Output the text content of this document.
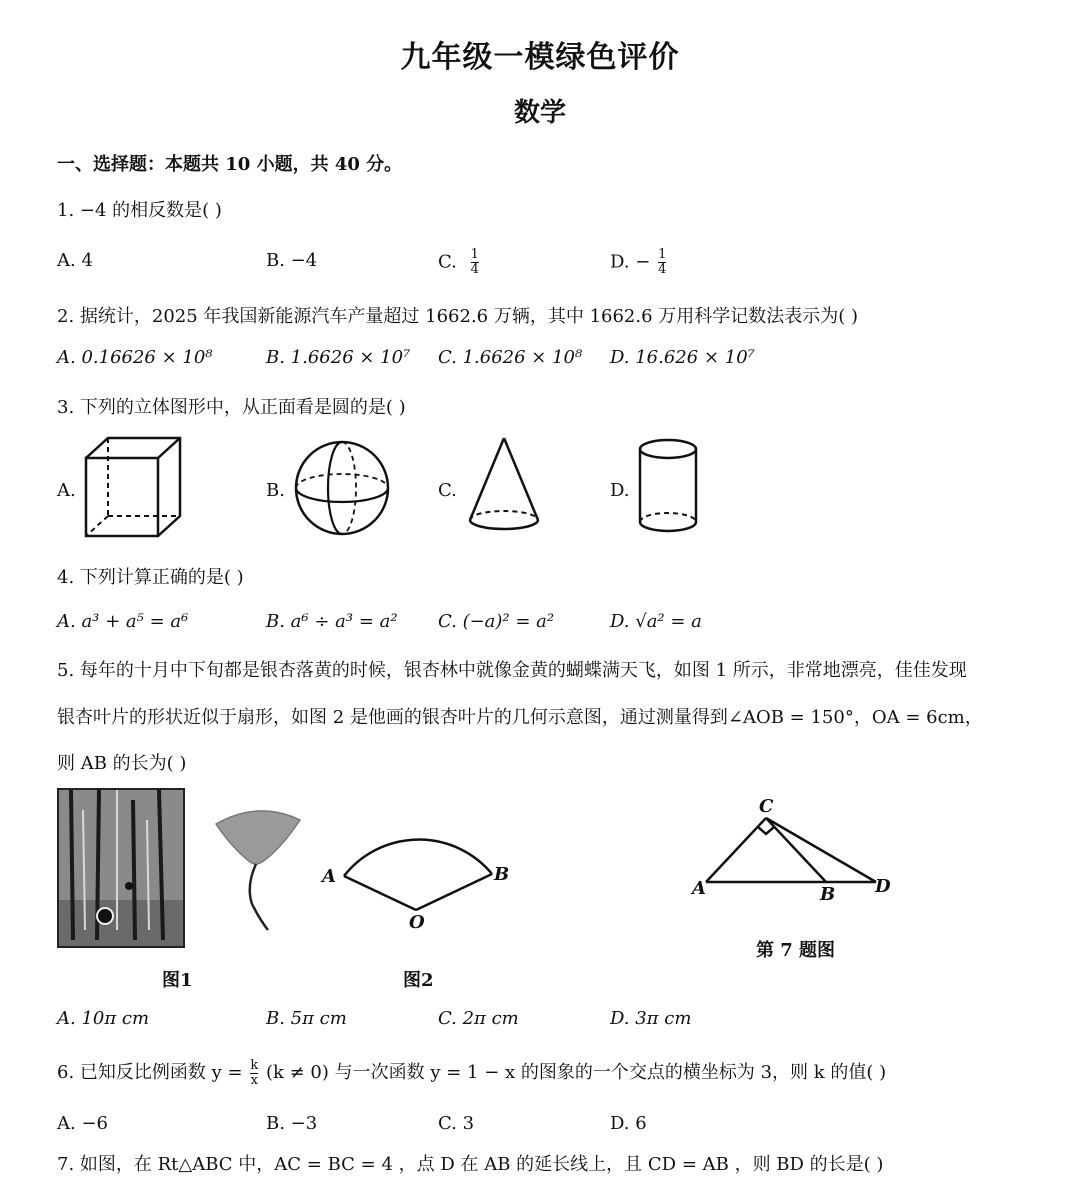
九年级一模绿色评价
数学
一、选择题：本题共 10 小题，共 40 分。
1. −4 的相反数是( )
A. 4	B. −4	C. $\frac{1}{4}$	D. − $\frac{1}{4}$
2. 据统计，2025 年我国新能源汽车产量超过 1662.6 万辆，其中 1662.6 万用科学记数法表示为( )
A. 0.16626 × 10⁸	B. 1.6626 × 10⁷ C. 1.6626 × 10⁸ D. 16.626 × 10⁷
3. 下列的立体图形中，从正面看是圆的是( )
A.	B.	C.	D.
4. 下列计算正确的是( )
A. a³ + a⁵ = a⁶	B. a⁶ ÷ a³ = a² C. (−a)² = a²	D. √a² = a
5. 每年的十月中下旬都是银杏落黄的时候，银杏林中就像金黄的蝴蝶满天飞，如图 1 所示，非常地漂亮，佳佳发现
银杏叶片的形状近似于扇形，如图 2 是他画的银杏叶片的几何示意图，通过测量得到∠AOB = 150°，OA = 6cm，
则 AB 的长为( )
图1
A	B
O
图2
C
A	B D
第 7 题图
A. 10π cm	B. 5π cm	C. 2π cm	D. 3π cm
6. 已知反比例函数 $y = \frac{k}{x} (k \ne 0)$ 与一次函数 y = 1 − x 的图象的一个交点的横坐标为 3，则 k 的值( )
A. −6	B. −3	C. 3	D. 6
7. 如图，在 Rt△ABC 中，AC = BC = 4 ，点 D 在 AB 的延长线上，且 CD = AB ，则 BD 的长是( )
